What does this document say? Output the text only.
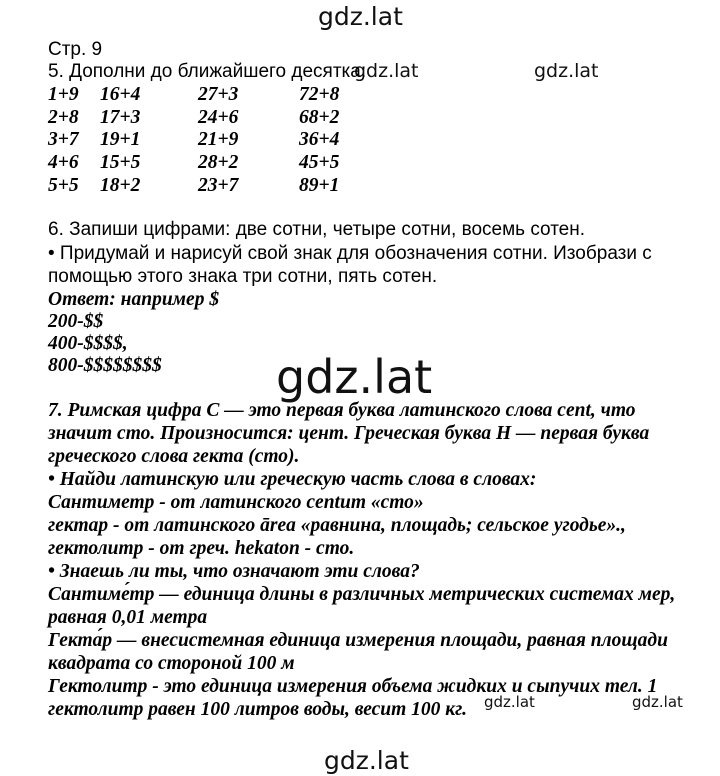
gdz.lat
gdz.lat	gdz.lat
gdz.lat
gdz.lat	gdz.lat
gdz.lat
Стр. 9
5. Дополни до ближайшего десятка:
1+9 16+4	27+3	72+8
2+8 17+3	24+6	68+2
3+7 19+1	21+9	36+4
4+6 15+5	28+2	45+5
5+5 18+2	23+7	89+1
6. Запиши цифрами: две сотни, четыре сотни, восемь сотен.
• Придумай и нарисуй свой знак для обозначения сотни. Изобрази с
помощью этого знака три сотни, пять сотен.
Ответ: например $
200-$$
400-$$$$,
800-$$$$$$$$
7. Римская цифра С — это первая буква латинского слова cent, что
значит сто. Произносится: цент. Греческая буква Н — первая буква
греческого слова гекта (сто).
• Найди латинскую или греческую часть слова в словах:
Сантиметр - от латинского centum «сто»
гектар - от латинского ārea «равнина, площадь; сельское угодье».,
гектолитр - от греч. hekaton - сто.
• Знаешь ли ты, что означают эти слова?
Сантиме́тр — единица длины в различных метрических системах мер,
равная 0,01 метра
Гекта́р — внесистемная единица измерения площади, равная площади
квадрата со стороной 100 м
Гектолитр - это единица измерения объема жидких и сыпучих тел. 1
гектолитр равен 100 литров воды, весит 100 кг.
